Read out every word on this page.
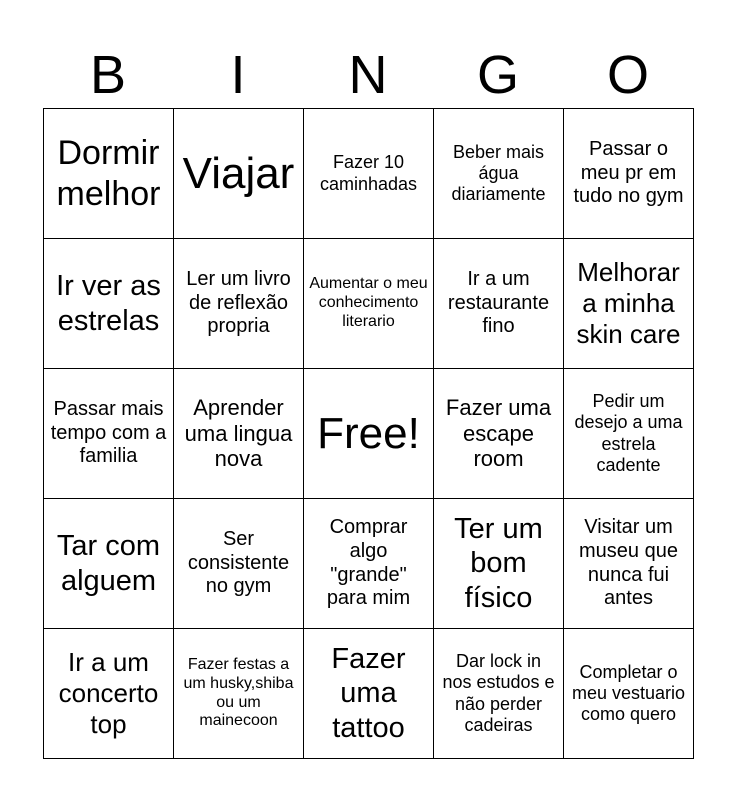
B	I	N	G	O
Dormir melhor	Viajar	Fazer 10 caminhadas	Beber mais água diariamente	Passar o meu pr em tudo no gym
Ir ver as estrelas	Ler um livro de reflexão propria	Aumentar o meu conhecimento literario	Ir a um restaurante fino	Melhorar a minha skin care
Passar mais tempo com a familia	Aprender uma lingua nova	Free!	Fazer uma escape room	Pedir um desejo a uma estrela cadente
Tar com alguem	Ser consistente no gym	Comprar algo "grande" para mim	Ter um bom físico	Visitar um museu que nunca fui antes
Ir a um concerto top	Fazer festas a um husky,shiba ou um mainecoon	Fazer uma tattoo	Dar lock in nos estudos e não perder cadeiras	Completar o meu vestuario como quero
